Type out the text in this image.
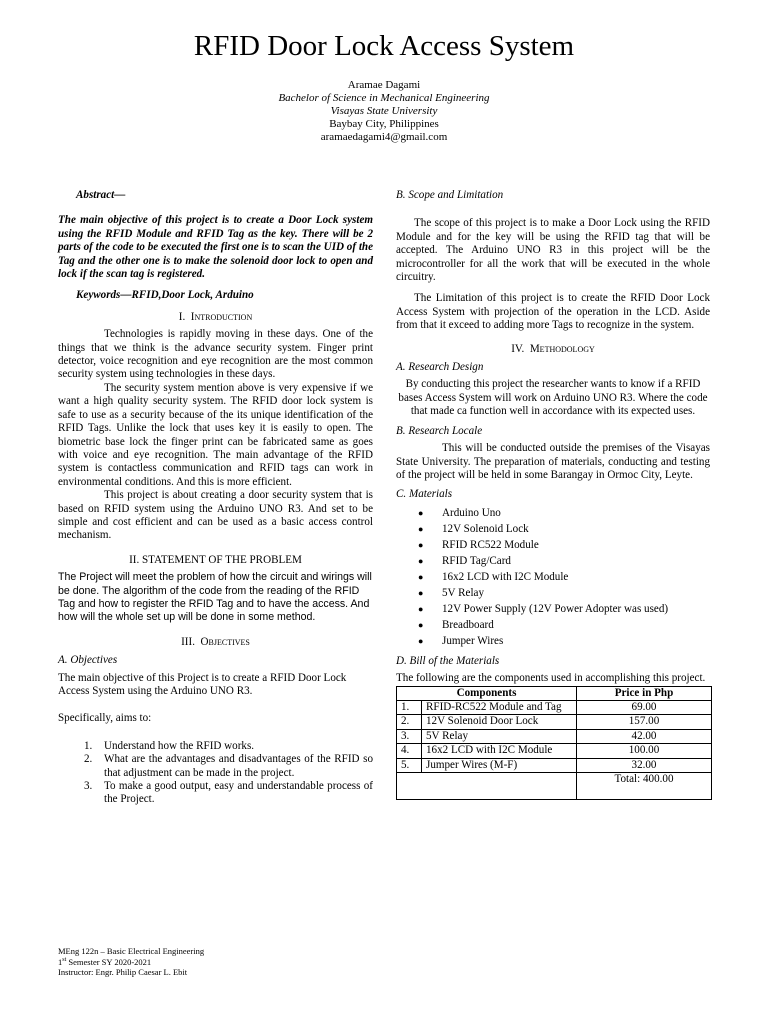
RFID Door Lock Access System
Aramae Dagami
Bachelor of Science in Mechanical Engineering
Visayas State University
Baybay City, Philippines
aramaedagami4@gmail.com

Abstract—

The main objective of this project is to create a Door Lock system using the RFID Module and RFID Tag as the key. There will be 2 parts of the code to be executed the first one is to scan the UID of the Tag and the other one is to make the solenoid door lock to open and lock if the scan tag is registered.

Keywords—RFID,Door Lock, Arduino

I. Introduction

Technologies is rapidly moving in these days. One of the things that we think is the advance security system. Finger print detector, voice recognition and eye recognition are the most common security system using technologies in these days.

The security system mention above is very expensive if we want a high quality security system. The RFID door lock system is safe to use as a security because of the its unique identification of the RFID Tags. Unlike the lock that uses key it is easily to open. The biometric base lock the finger print can be fabricated same as goes with voice and eye recognition. The main advantage of the RFID system is contactless communication and RFID tags can work in environmental conditions. And this is more efficient.

This project is about creating a door security system that is based on RFID system using the Arduino UNO R3. And set to be simple and cost efficient and can be used as a basic access control mechanism.

II. STATEMENT OF THE PROBLEM

The Project will meet the problem of how the circuit and wirings will be done. The algorithm of the code from the reading of the RFID Tag and how to register the RFID Tag and to have the access. And how will the whole set up will be done in some method.

III. Objectives

A. Objectives

The main objective of this Project is to create a RFID Door Lock Access System using the Arduino UNO R3.

Specifically, aims to:

1. Understand how the RFID works.
2. What are the advantages and disadvantages of the RFID so that adjustment can be made in the project.
3. To make a good output, easy and understandable process of the Project.

B. Scope and Limitation

The scope of this project is to make a Door Lock using the RFID Module and for the key will be using the RFID tag that will be accepted. The Arduino UNO R3 in this project will be the microcontroller for all the work that will be executed in the whole circuitry.

The Limitation of this project is to create the RFID Door Lock Access System with projection of the operation in the LCD. Aside from that it exceed to adding more Tags to recognize in the system.

IV. Methodology

A. Research Design

By conducting this project the researcher wants to know if a RFID bases Access System will work on Arduino UNO R3. Where the code that made ca function well in accordance with its expected uses.

B. Research Locale

This will be conducted outside the premises of the Visayas State University. The preparation of materials, conducting and testing of the project will be held in some Barangay in Ormoc City, Leyte.

C. Materials

● Arduino Uno
● 12V Solenoid Lock
● RFID RC522 Module
● RFID Tag/Card
● 16x2 LCD with I2C Module
● 5V Relay
● 12V Power Supply (12V Power Adopter was used)
● Breadboard
● Jumper Wires

D. Bill of the Materials

The following are the components used in accomplishing this project.

Components		Price in Php
1.	RFID-RC522 Module and Tag	69.00
2.	12V Solenoid Door Lock	157.00
3.	5V Relay	42.00
4.	16x2 LCD with I2C Module	100.00
5.	Jumper Wires (M-F)	32.00
		Total: 400.00
MEng 122n – Basic Electrical Engineering
1st Semester SY 2020-2021
Instructor: Engr. Philip Caesar L. Ebit
